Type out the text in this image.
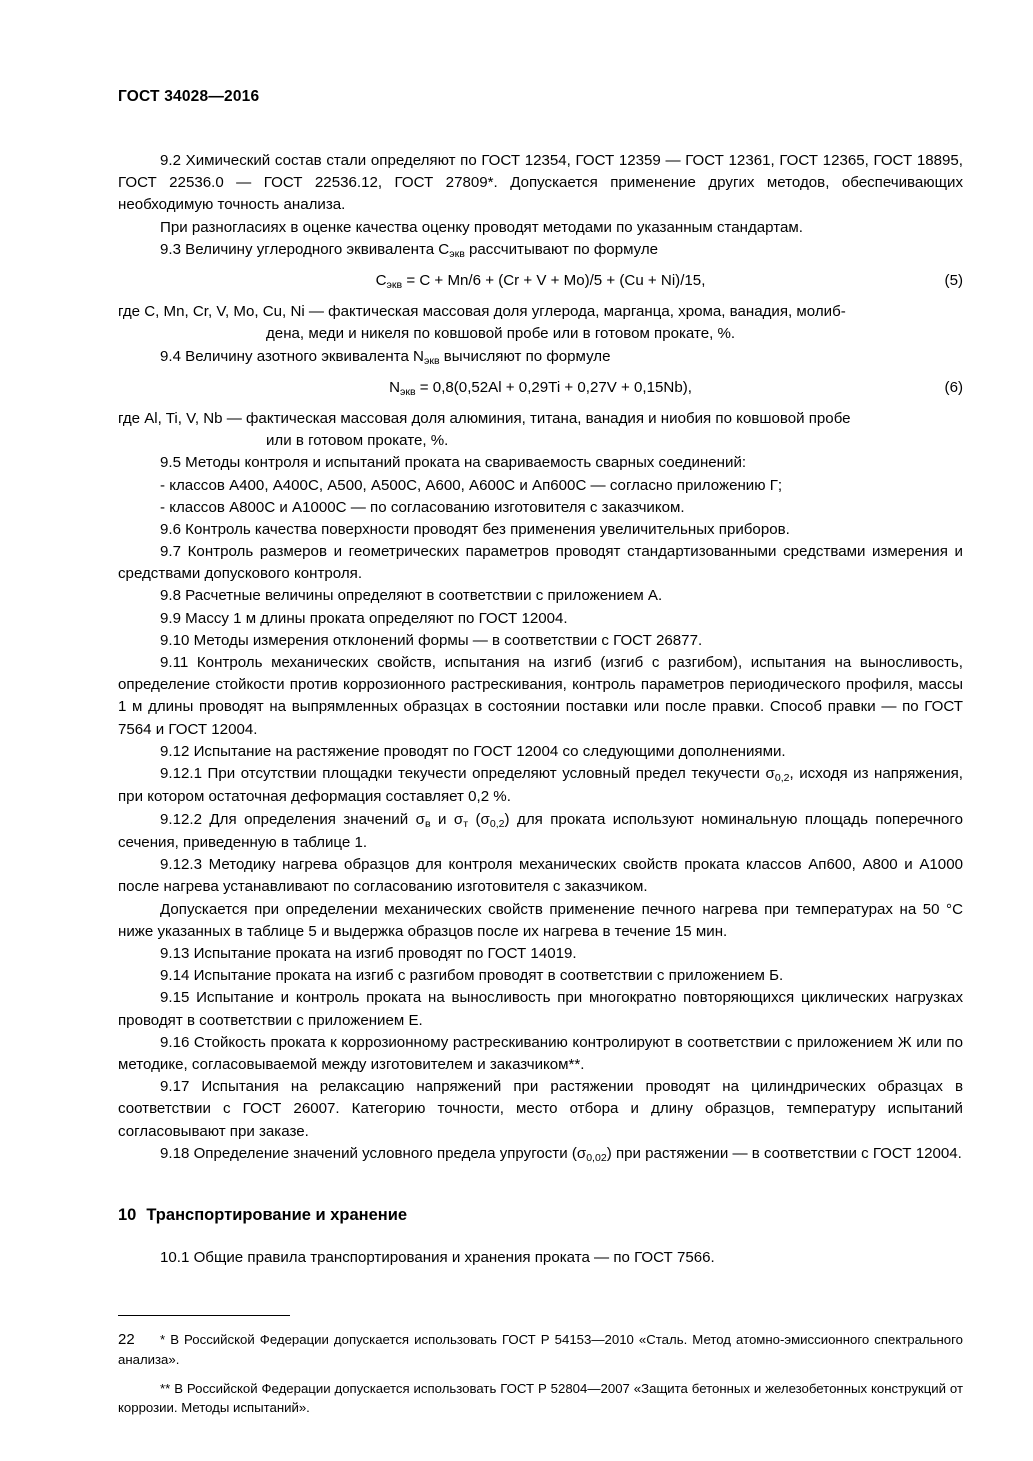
ГОСТ 34028—2016

9.2 Химический состав стали определяют по ГОСТ 12354, ГОСТ 12359 — ГОСТ 12361, ГОСТ 12365, ГОСТ 18895, ГОСТ 22536.0 — ГОСТ 22536.12, ГОСТ 27809*. Допускается применение других методов, обеспечивающих необходимую точность анализа.

При разногласиях в оценке качества оценку проводят методами по указанным стандартам.

9.3 Величину углеродного эквивалента $C_{экв}$ рассчитывают по формуле

$C_{экв} = C + Mn/6 + (Cr + V + Mo)/5 + (Cu + Ni)/15$,	(5)
где C, Mn, Cr, V, Mo, Cu, Ni — фактическая массовая доля углерода, марганца, хрома, ванадия, молиб-
дена, меди и никеля по ковшовой пробе или в готовом прокате, %.

9.4 Величину азотного эквивалента $N_{экв}$ вычисляют по формуле

$N_{экв} = 0,8(0,52Al + 0,29Ti + 0,27V + 0,15Nb)$,	(6)
где Al, Ti, V, Nb — фактическая массовая доля алюминия, титана, ванадия и ниобия по ковшовой пробе
или в готовом прокате, %.

9.5 Методы контроля и испытаний проката на свариваемость сварных соединений:

- классов А400, А400С, А500, А500С, А600, А600С и Ап600С — согласно приложению Г;

- классов А800С и А1000С — по согласованию изготовителя с заказчиком.

9.6 Контроль качества поверхности проводят без применения увеличительных приборов.

9.7 Контроль размеров и геометрических параметров проводят стандартизованными средствами измерения и средствами допускового контроля.

9.8 Расчетные величины определяют в соответствии с приложением А.

9.9 Массу 1 м длины проката определяют по ГОСТ 12004.

9.10 Методы измерения отклонений формы — в соответствии с ГОСТ 26877.

9.11 Контроль механических свойств, испытания на изгиб (изгиб с разгибом), испытания на выносливость, определение стойкости против коррозионного растрескивания, контроль параметров периодического профиля, массы 1 м длины проводят на выпрямленных образцах в состоянии поставки или после правки. Способ правки — по ГОСТ 7564 и ГОСТ 12004.

9.12 Испытание на растяжение проводят по ГОСТ 12004 со следующими дополнениями.

9.12.1 При отсутствии площадки текучести определяют условный предел текучести $\sigma_{0,2}$, исходя из напряжения, при котором остаточная деформация составляет 0,2 %.

9.12.2 Для определения значений $\sigma_в$ и $\sigma_т$ $(\sigma_{0,2})$ для проката используют номинальную площадь поперечного сечения, приведенную в таблице 1.

9.12.3 Методику нагрева образцов для контроля механических свойств проката классов Ап600, А800 и А1000 после нагрева устанавливают по согласованию изготовителя с заказчиком.

Допускается при определении механических свойств применение печного нагрева при температурах на 50 °С ниже указанных в таблице 5 и выдержка образцов после их нагрева в течение 15 мин.

9.13 Испытание проката на изгиб проводят по ГОСТ 14019.

9.14 Испытание проката на изгиб с разгибом проводят в соответствии с приложением Б.

9.15 Испытание и контроль проката на выносливость при многократно повторяющихся циклических нагрузках проводят в соответствии с приложением Е.

9.16 Стойкость проката к коррозионному растрескиванию контролируют в соответствии с приложением Ж или по методике, согласовываемой между изготовителем и заказчиком**.

9.17 Испытания на релаксацию напряжений при растяжении проводят на цилиндрических образцах в соответствии с ГОСТ 26007. Категорию точности, место отбора и длину образцов, температуру испытаний согласовывают при заказе.

9.18 Определение значений условного предела упругости $(\sigma_{0,02})$ при растяжении — в соответствии с ГОСТ 12004.

10 Транспортирование и хранение

10.1 Общие правила транспортирования и хранения проката — по ГОСТ 7566.

* В Российской Федерации допускается использовать ГОСТ Р 54153—2010 «Сталь. Метод атомно-эмиссионного спектрального анализа».
** В Российской Федерации допускается использовать ГОСТ Р 52804—2007 «Защита бетонных и железобетонных конструкций от коррозии. Методы испытаний».
22
